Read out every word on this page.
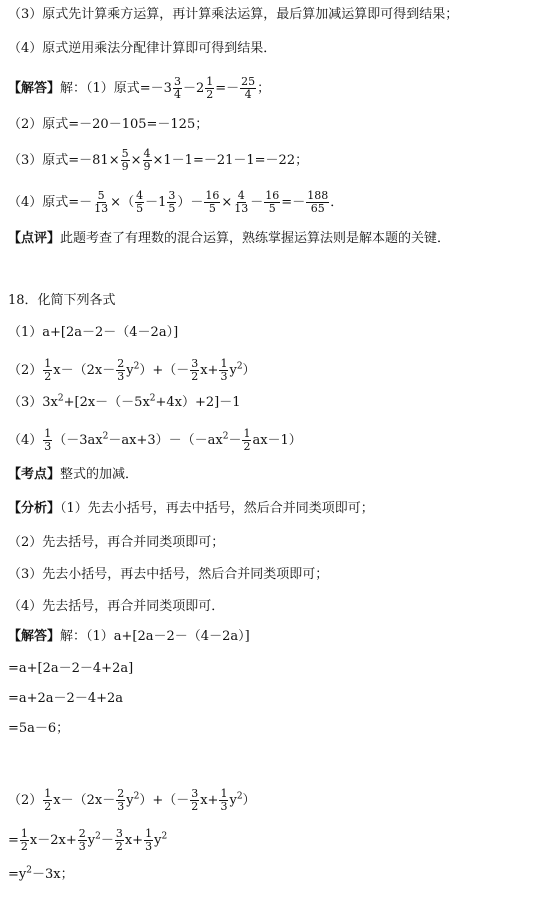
（3）原式先计算乘方运算，再计算乘法运算，最后算加减运算即可得到结果；
（4）原式逆用乘法分配律计算即可得到结果．
【解答】解：（1）原式$=-3 \frac{3}{4} -2 \frac{1}{2} =- \frac{25}{4}$ ；
（2）原式=－20－105=－125；
（3）原式$=-81\times \frac{5}{9} \times \frac{4}{9} \times 1-1=-21-1=-22$；
（4）原式=－ $\frac{5}{13}$ ×（ $\frac{4}{5} -1 \frac{3}{5}$ ）－ $\frac{16}{5} \times \frac{4}{13} - \frac{16}{5} =- \frac{188}{65}$ ．
【点评】此题考查了有理数的混合运算，熟练掌握运算法则是解本题的关键．
18．化简下列各式
（1）a+[2a－2－（4－2a）]
$(2) \frac{1}{2} x-(2x- \frac{2}{3} y^2)+(- \frac{3}{2} x+ \frac{1}{3} y^2)$
$(3)3x^2+[2x-(-5x^2+4x)+2]-1$
$(4) \frac{1}{3} (-3ax^2-ax+3)-(-ax^2- \frac{1}{2} ax-1)$
【考点】整式的加减．
【分析】（1）先去小括号，再去中括号，然后合并同类项即可；
（2）先去括号，再合并同类项即可；
（3）先去小括号，再去中括号，然后合并同类项即可；
（4）先去括号，再合并同类项即可．
【解答】解：（1）a+[2a－2－（4－2a）]
=a+[2a－2－4+2a]
=a+2a－2－4+2a
=5a－6；
$(2) \frac{1}{2} x-(2x- \frac{2}{3} y^2)+(- \frac{3}{2} x+ \frac{1}{3} y^2)$
= $\frac{1}{2} x-2x+ \frac{2}{3} y^2- \frac{3}{2} x+ \frac{1}{3} y^2$
$=y^2-3x$；
